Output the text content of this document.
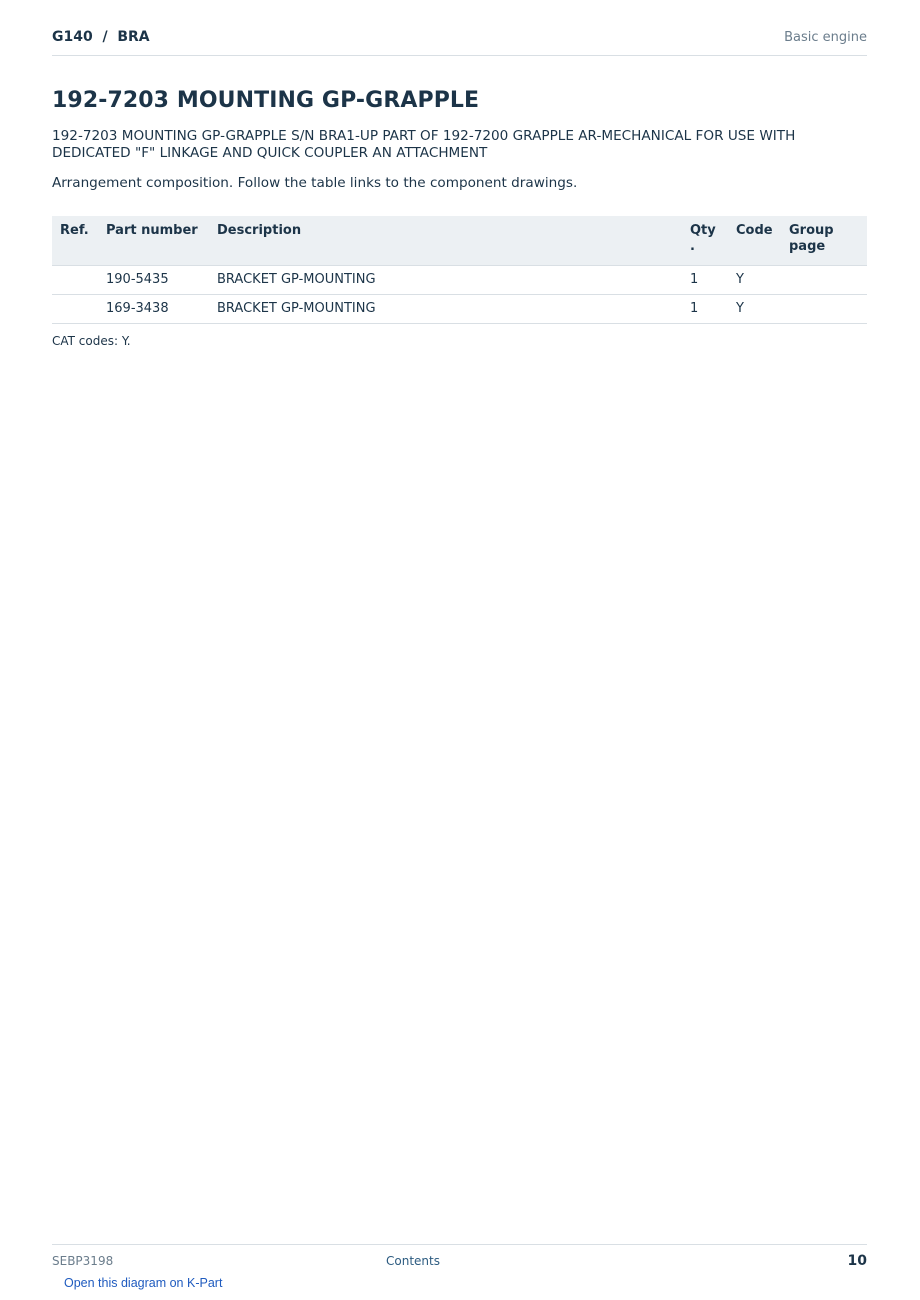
G140  /  BRA	Basic engine
192-7203 MOUNTING GP-GRAPPLE

192-7203 MOUNTING GP-GRAPPLE S/N BRA1-UP PART OF 192-7200 GRAPPLE AR-MECHANICAL FOR USE WITH DEDICATED "F" LINKAGE AND QUICK COUPLER AN ATTACHMENT

Arrangement composition. Follow the table links to the component drawings.

Ref.	Part number	Description	Qty .	Code	Group page
	190-5435	BRACKET GP-MOUNTING	1	Y	
	169-3438	BRACKET GP-MOUNTING	1	Y	
CAT codes: Y.
SEBP3198	Contents	10
Open this diagram on K-Part
